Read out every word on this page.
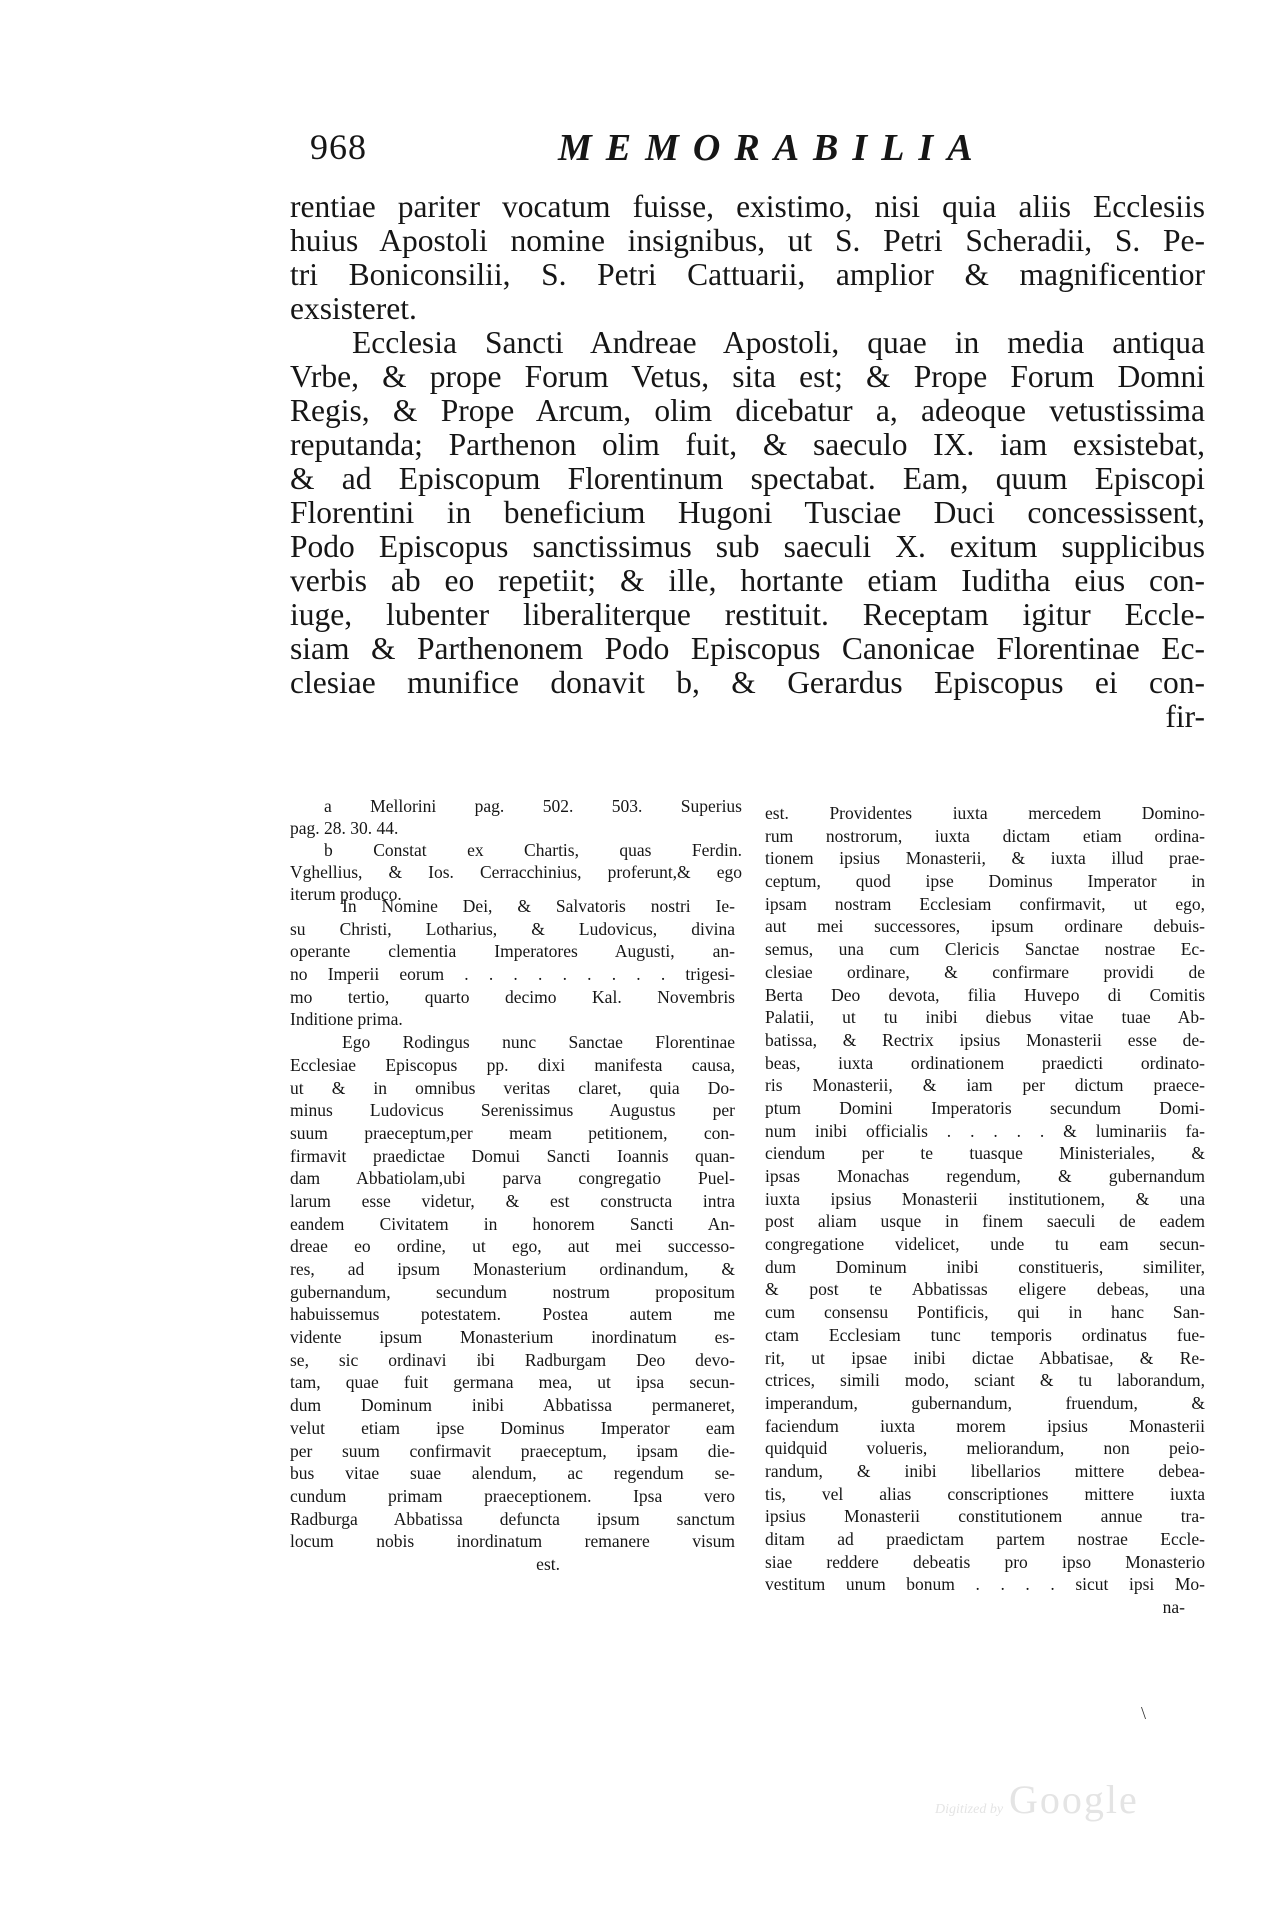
968	MEMORABILIA
rentiae pariter vocatum fuisse, existimo, nisi quia aliis Ecclesiis
huius Apostoli nomine insignibus, ut S. Petri Scheradii, S. Pe-
tri Boniconsilii, S. Petri Cattuarii, amplior & magnificentior
exsisteret.
Ecclesia Sancti Andreae Apostoli, quae in media antiqua
Vrbe, & prope Forum Vetus, sita est; & Prope Forum Domni
Regis, & Prope Arcum, olim dicebatur a, adeoque vetustissima
reputanda; Parthenon olim fuit, & saeculo IX. iam exsistebat,
& ad Episcopum Florentinum spectabat. Eam, quum Episcopi
Florentini in beneficium Hugoni Tusciae Duci concessissent,
Podo Episcopus sanctissimus sub saeculi X. exitum supplicibus
verbis ab eo repetiit; & ille, hortante etiam Iuditha eius con-
iuge, lubenter liberaliterque restituit. Receptam igitur Eccle-
siam & Parthenonem Podo Episcopus Canonicae Florentinae Ec-
clesiae munifice donavit b, & Gerardus Episcopus ei con-
fir-
a Mellorini pag. 502. 503. Superius
pag. 28. 30. 44.
b Constat ex Chartis, quas Ferdin.
Vghellius, & Ios. Cerracchinius, proferunt,& ego
iterum produco.
In Nomine Dei, & Salvatoris nostri Ie-
su Christi, Lotharius, & Ludovicus, divina
operante clementia Imperatores Augusti, an-
no Imperii eorum . . . . . . . . . trigesi-
mo tertio, quarto decimo Kal. Novembris
Inditione prima.
Ego Rodingus nunc Sanctae Florentinae
Ecclesiae Episcopus pp. dixi manifesta causa,
ut & in omnibus veritas claret, quia Do-
minus Ludovicus Serenissimus Augustus per
suum praeceptum,per meam petitionem, con-
firmavit praedictae Domui Sancti Ioannis quan-
dam Abbatiolam,ubi parva congregatio Puel-
larum esse videtur, & est constructa intra
eandem Civitatem in honorem Sancti An-
dreae eo ordine, ut ego, aut mei successo-
res, ad ipsum Monasterium ordinandum, &
gubernandum, secundum nostrum propositum
habuissemus potestatem. Postea autem me
vidente ipsum Monasterium inordinatum es-
se, sic ordinavi ibi Radburgam Deo devo-
tam, quae fuit germana mea, ut ipsa secun-
dum Dominum inibi Abbatissa permaneret,
velut etiam ipse Dominus Imperator eam
per suum confirmavit praeceptum, ipsam die-
bus vitae suae alendum, ac regendum se-
cundum primam praeceptionem. Ipsa vero
Radburga Abbatissa defuncta ipsum sanctum
locum nobis inordinatum remanere visum
est.
est. Providentes iuxta mercedem Domino-
rum nostrorum, iuxta dictam etiam ordina-
tionem ipsius Monasterii, & iuxta illud prae-
ceptum, quod ipse Dominus Imperator in
ipsam nostram Ecclesiam confirmavit, ut ego,
aut mei successores, ipsum ordinare debuis-
semus, una cum Clericis Sanctae nostrae Ec-
clesiae ordinare, & confirmare providi de
Berta Deo devota, filia Huvepo di Comitis
Palatii, ut tu inibi diebus vitae tuae Ab-
batissa, & Rectrix ipsius Monasterii esse de-
beas, iuxta ordinationem praedicti ordinato-
ris Monasterii, & iam per dictum praece-
ptum Domini Imperatoris secundum Domi-
num inibi officialis . . . . . & luminariis fa-
ciendum per te tuasque Ministeriales, &
ipsas Monachas regendum, & gubernandum
iuxta ipsius Monasterii institutionem, & una
post aliam usque in finem saeculi de eadem
congregatione videlicet, unde tu eam secun-
dum Dominum inibi constitueris, similiter,
& post te Abbatissas eligere debeas, una
cum consensu Pontificis, qui in hanc San-
ctam Ecclesiam tunc temporis ordinatus fue-
rit, ut ipsae inibi dictae Abbatisae, & Re-
ctrices, simili modo, sciant & tu laborandum,
imperandum, gubernandum, fruendum, &
faciendum iuxta morem ipsius Monasterii
quidquid volueris, meliorandum, non peio-
randum, & inibi libellarios mittere debea-
tis, vel alias conscriptiones mittere iuxta
ipsius Monasterii constitutionem annue tra-
ditam ad praedictam partem nostrae Eccle-
siae reddere debeatis pro ipso Monasterio
vestitum unum bonum . . . . sicut ipsi Mo-
na-
\
Digitized by Google
